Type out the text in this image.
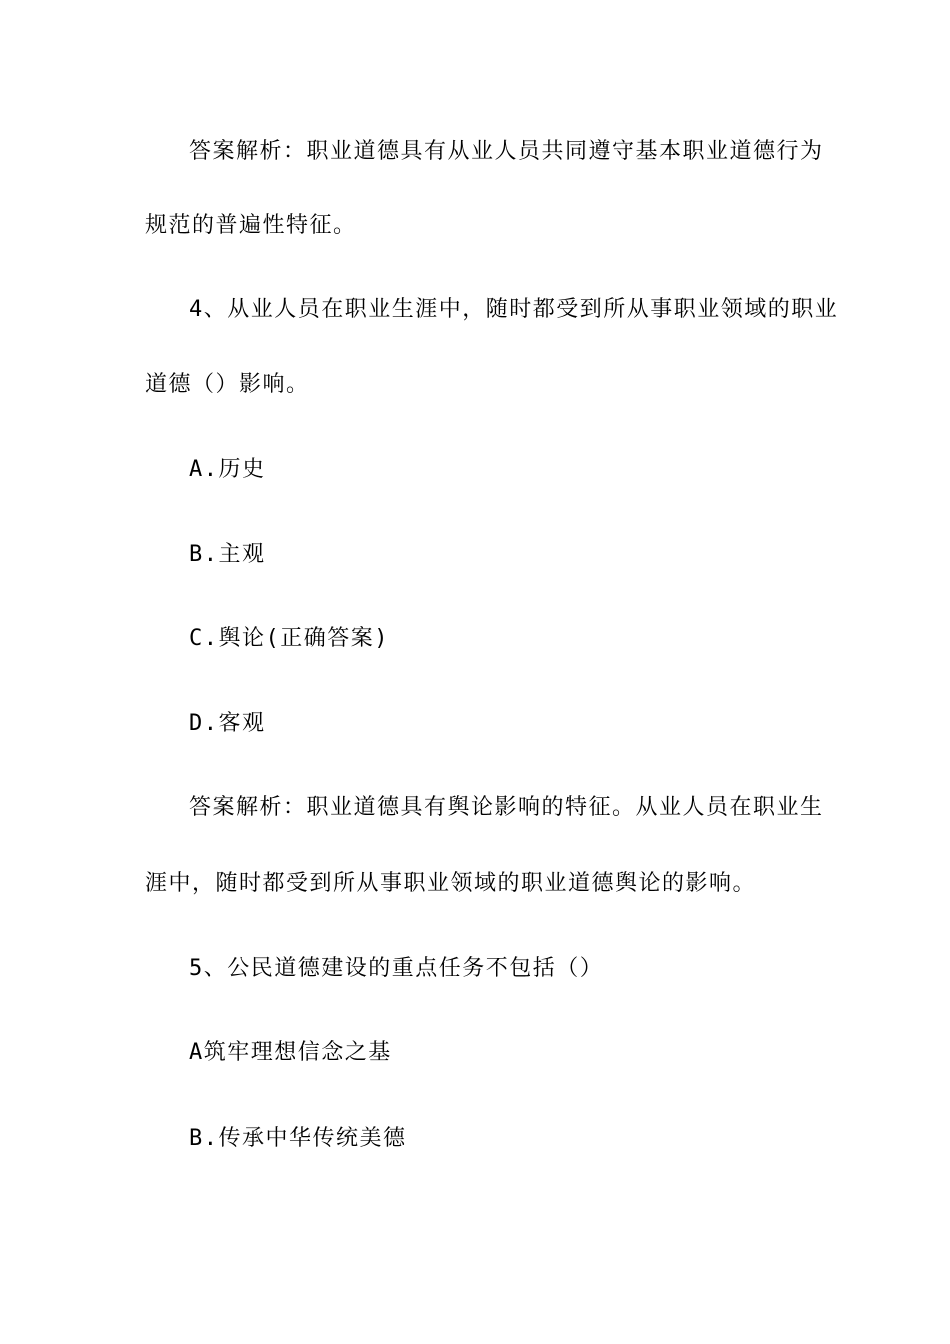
答案解析：职业道德具有从业人员共同遵守基本职业道德行为
规范的普遍性特征。
4、从业人员在职业生涯中，随时都受到所从事职业领域的职业
道德（）影响。
A.历史
B.主观
C.舆论(正确答案)
D.客观
答案解析：职业道德具有舆论影响的特征。从业人员在职业生
涯中，随时都受到所从事职业领域的职业道德舆论的影响。
5、公民道德建设的重点任务不包括（）
A筑牢理想信念之基
B.传承中华传统美德
